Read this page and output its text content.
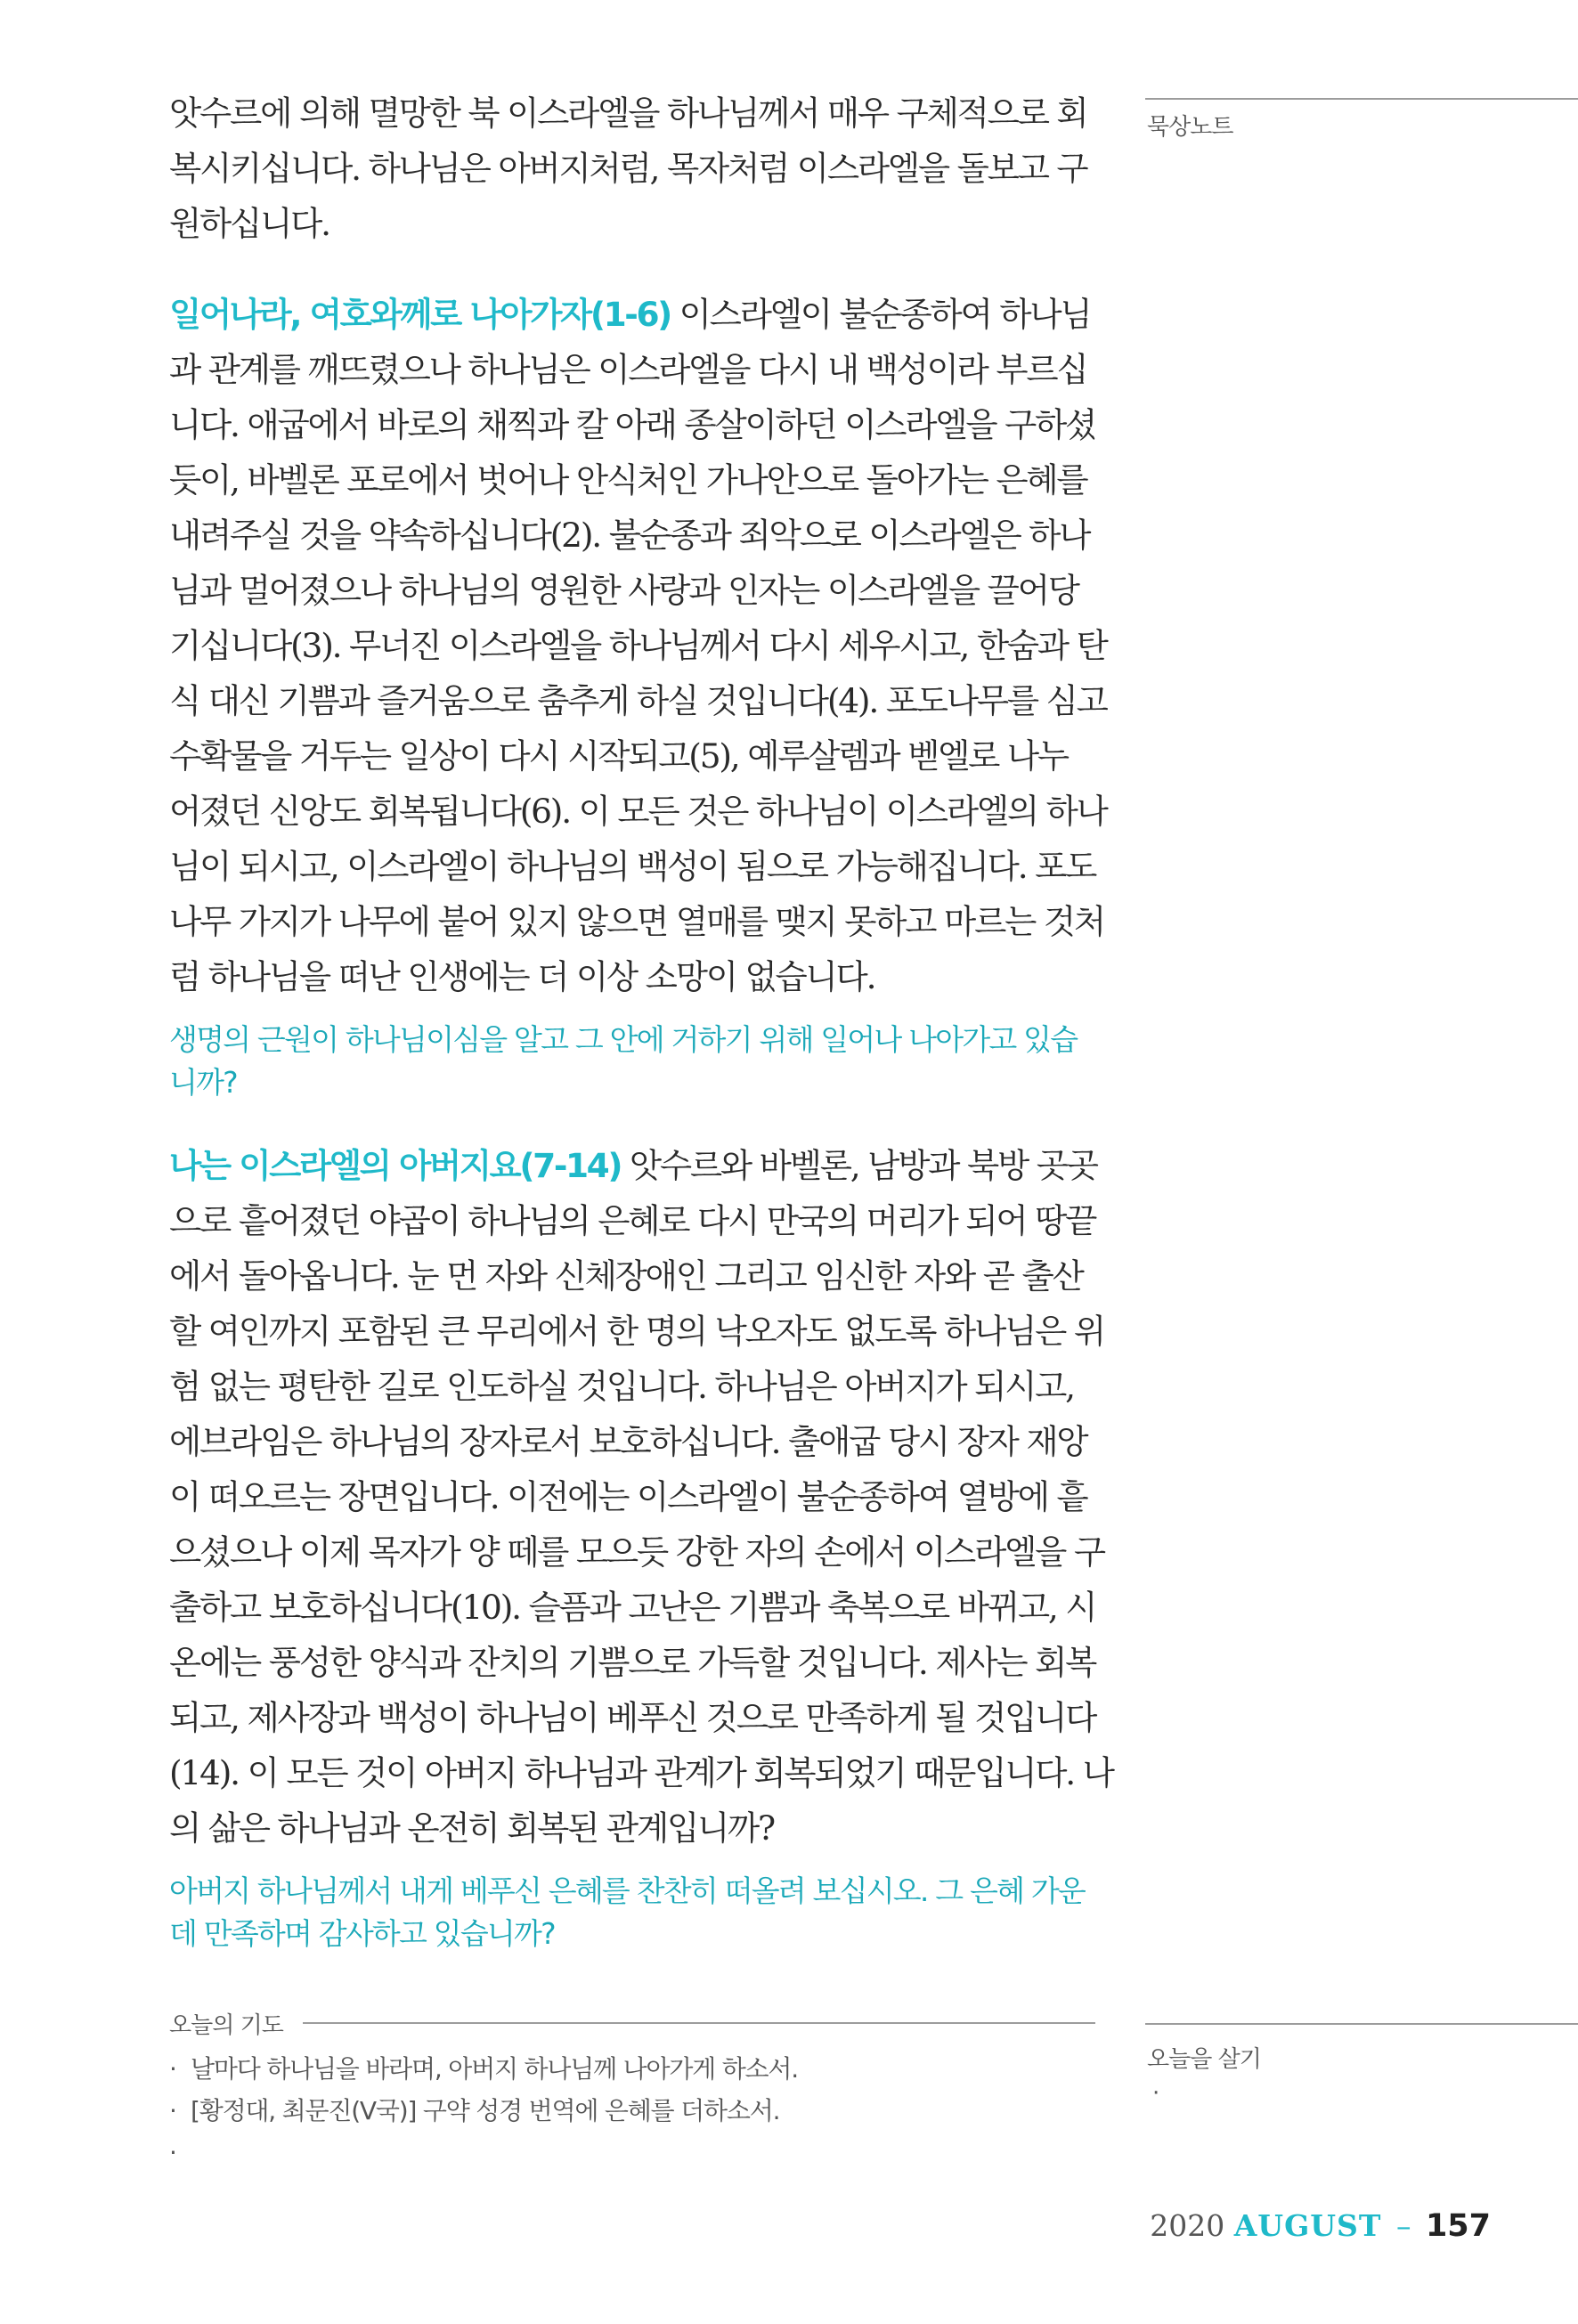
묵상노트
오늘을 살기
·

앗수르에 의해 멸망한 북 이스라엘을 하나님께서 매우 구체적으로 회
복시키십니다. 하나님은 아버지처럼, 목자처럼 이스라엘을 돌보고 구
원하십니다.

일어나라, 여호와께로 나아가자(1-6) 이스라엘이 불순종하여 하나님
과 관계를 깨뜨렸으나 하나님은 이스라엘을 다시 내 백성이라 부르십
니다. 애굽에서 바로의 채찍과 칼 아래 종살이하던 이스라엘을 구하셨
듯이, 바벨론 포로에서 벗어나 안식처인 가나안으로 돌아가는 은혜를
내려주실 것을 약속하십니다(2). 불순종과 죄악으로 이스라엘은 하나
님과 멀어졌으나 하나님의 영원한 사랑과 인자는 이스라엘을 끌어당
기십니다(3). 무너진 이스라엘을 하나님께서 다시 세우시고, 한숨과 탄
식 대신 기쁨과 즐거움으로 춤추게 하실 것입니다(4). 포도나무를 심고
수확물을 거두는 일상이 다시 시작되고(5), 예루살렘과 벧엘로 나누
어졌던 신앙도 회복됩니다(6). 이 모든 것은 하나님이 이스라엘의 하나
님이 되시고, 이스라엘이 하나님의 백성이 됨으로 가능해집니다. 포도
나무 가지가 나무에 붙어 있지 않으면 열매를 맺지 못하고 마르는 것처
럼 하나님을 떠난 인생에는 더 이상 소망이 없습니다.

생명의 근원이 하나님이심을 알고 그 안에 거하기 위해 일어나 나아가고 있습
니까?

나는 이스라엘의 아버지요(7-14) 앗수르와 바벨론, 남방과 북방 곳곳
으로 흩어졌던 야곱이 하나님의 은혜로 다시 만국의 머리가 되어 땅끝
에서 돌아옵니다. 눈 먼 자와 신체장애인 그리고 임신한 자와 곧 출산
할 여인까지 포함된 큰 무리에서 한 명의 낙오자도 없도록 하나님은 위
험 없는 평탄한 길로 인도하실 것입니다. 하나님은 아버지가 되시고,
에브라임은 하나님의 장자로서 보호하십니다. 출애굽 당시 장자 재앙
이 떠오르는 장면입니다. 이전에는 이스라엘이 불순종하여 열방에 흩
으셨으나 이제 목자가 양 떼를 모으듯 강한 자의 손에서 이스라엘을 구
출하고 보호하십니다(10). 슬픔과 고난은 기쁨과 축복으로 바뀌고, 시
온에는 풍성한 양식과 잔치의 기쁨으로 가득할 것입니다. 제사는 회복
되고, 제사장과 백성이 하나님이 베푸신 것으로 만족하게 될 것입니다
(14). 이 모든 것이 아버지 하나님과 관계가 회복되었기 때문입니다. 나
의 삶은 하나님과 온전히 회복된 관계입니까?

아버지 하나님께서 내게 베푸신 은혜를 찬찬히 떠올려 보십시오. 그 은혜 가운
데 만족하며 감사하고 있습니까?

오늘의 기도
· 날마다 하나님을 바라며, 아버지 하나님께 나아가게 하소서.
· [황정대, 최문진(V국)] 구약 성경 번역에 은혜를 더하소서.
·
2020 AUGUST – 157
